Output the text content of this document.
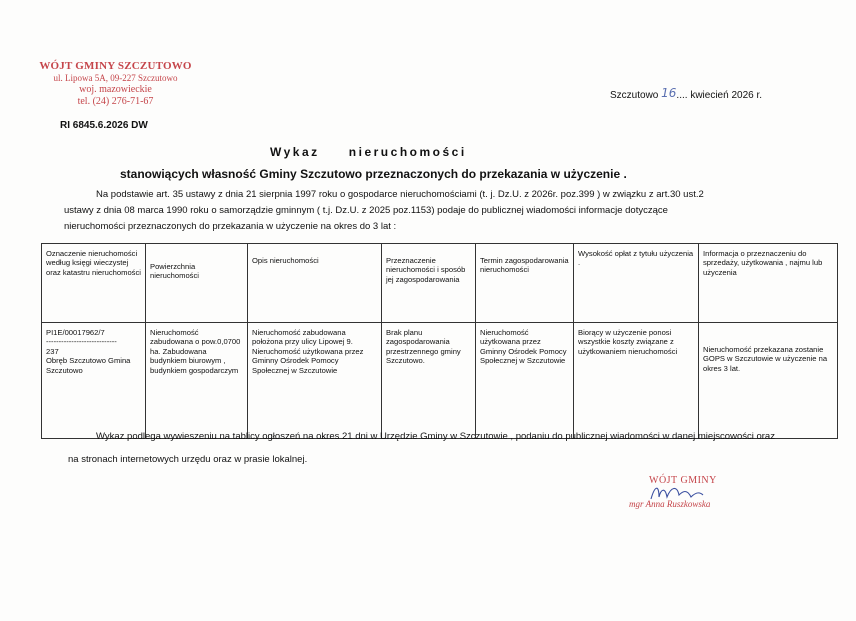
WÓJT GMINY SZCZUTOWO
ul. Lipowa 5A, 09-227 Szczutowo
woj. mazowieckie
tel. (24) 276-71-67
RI 6845.6.2026 DW
Szczutowo 16.... kwiecień 2026 r.
Wykaz     nieruchomości
stanowiących własność Gminy Szczutowo przeznaczonych do przekazania w użyczenie .
Na podstawie art. 35 ustawy z dnia 21 sierpnia 1997 roku o gospodarce nieruchomościami (t. j. Dz.U. z 2026r. poz.399 ) w związku z art.30 ust.2
ustawy z dnia 08 marca 1990 roku o samorządzie gminnym ( t.j. Dz.U. z 2025 poz.1153) podaje do publicznej wiadomości informacje dotyczące
nieruchomości przeznaczonych do przekazania w użyczenie na okres do 3 lat :
Oznaczenie nieruchomości według księgi wieczystej oraz katastru nieruchomości	Powierzchnia nieruchomości	Opis nieruchomości	Przeznaczenie nieruchomości i sposób jej zagospodarowania	Termin zagospodarowania nieruchomości	Wysokość opłat z tytułu użyczenia .	Informacja o przeznaczeniu do sprzedaży, użytkowania , najmu lub użyczenia

PI1E/00017962/7
----------------------------
237
Obręb Szczutowo Gmina Szczutowo	Nieruchomość zabudowana o pow.0,0700 ha. Zabudowana budynkiem biurowym , budynkiem gospodarczym	Nieruchomość zabudowana położona przy ulicy Lipowej 9. Nieruchomość użytkowana przez Gminny Ośrodek Pomocy Społecznej w Szczutowie	Brak planu zagospodarowania przestrzennego gminy Szczutowo.	Nieruchomość użytkowana przez Gminny Ośrodek Pomocy Społecznej w Szczutowie	Biorący w użyczenie ponosi wszystkie koszty związane z użytkowaniem nieruchomości	Nieruchomość przekazana zostanie GOPS w Szczutowie w użyczenie na okres 3 lat.
Wykaz podlega wywieszeniu na tablicy ogłoszeń na okres 21 dni w Urzędzie Gminy w Szczutowie , podaniu do publicznej wiadomości w danej miejscowości oraz
na stronach internetowych urzędu oraz w prasie lokalnej.
WÓJT GMINY
mgr Anna Ruszkowska
